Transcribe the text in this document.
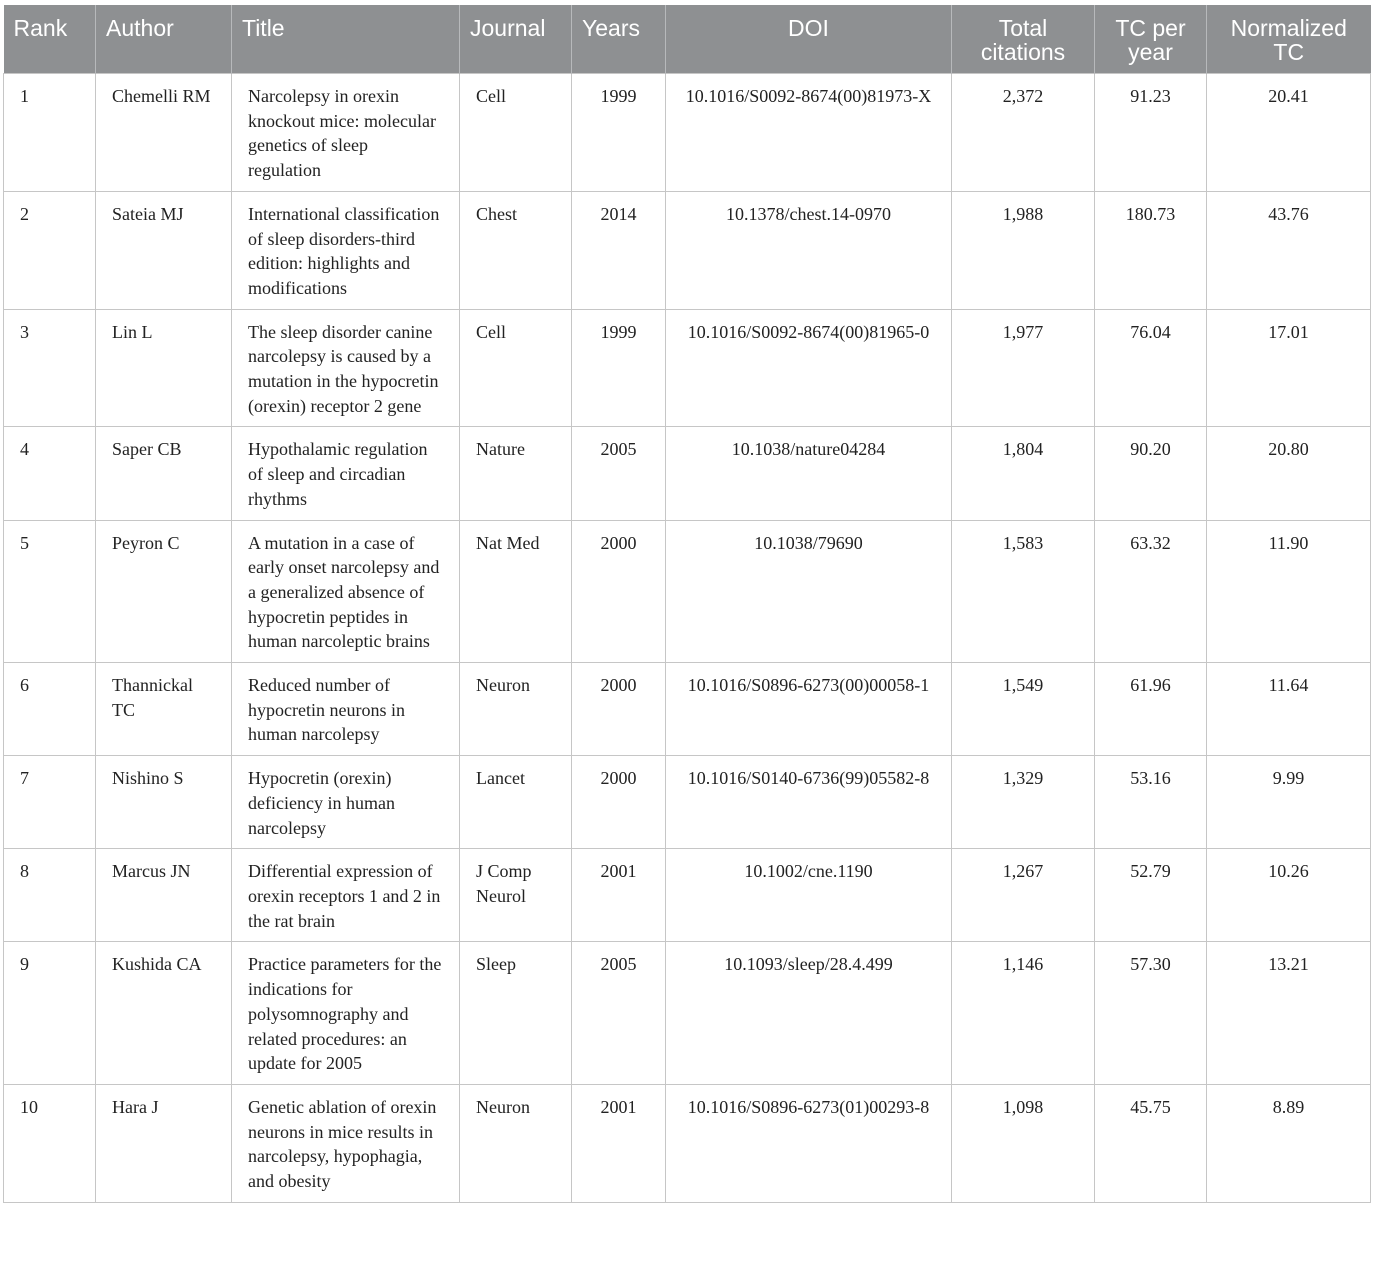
Rank	Author	Title	Journal	Years	DOI	Total citations	TC per year	Normalized TC
1	Chemelli RM	Narcolepsy in orexin knockout mice: molecular genetics of sleep regulation	Cell	1999	10.1016/S0092-8674(00)81973-X	2,372	91.23	20.41
2	Sateia MJ	International classification of sleep disorders-third edition: highlights and modifications	Chest	2014	10.1378/chest.14-0970	1,988	180.73	43.76
3	Lin L	The sleep disorder canine narcolepsy is caused by a mutation in the hypocretin (orexin) receptor 2 gene	Cell	1999	10.1016/S0092-8674(00)81965-0	1,977	76.04	17.01
4	Saper CB	Hypothalamic regulation of sleep and circadian rhythms	Nature	2005	10.1038/nature04284	1,804	90.20	20.80
5	Peyron C	A mutation in a case of early onset narcolepsy and a generalized absence of hypocretin peptides in human narcoleptic brains	Nat Med	2000	10.1038/79690	1,583	63.32	11.90
6	Thannickal TC	Reduced number of hypocretin neurons in human narcolepsy	Neuron	2000	10.1016/S0896-6273(00)00058-1	1,549	61.96	11.64
7	Nishino S	Hypocretin (orexin) deficiency in human narcolepsy	Lancet	2000	10.1016/S0140-6736(99)05582-8	1,329	53.16	9.99
8	Marcus JN	Differential expression of orexin receptors 1 and 2 in the rat brain	J Comp Neurol	2001	10.1002/cne.1190	1,267	52.79	10.26
9	Kushida CA	Practice parameters for the indications for polysomnography and related procedures: an update for 2005	Sleep	2005	10.1093/sleep/28.4.499	1,146	57.30	13.21
10	Hara J	Genetic ablation of orexin neurons in mice results in narcolepsy, hypophagia, and obesity	Neuron	2001	10.1016/S0896-6273(01)00293-8	1,098	45.75	8.89
